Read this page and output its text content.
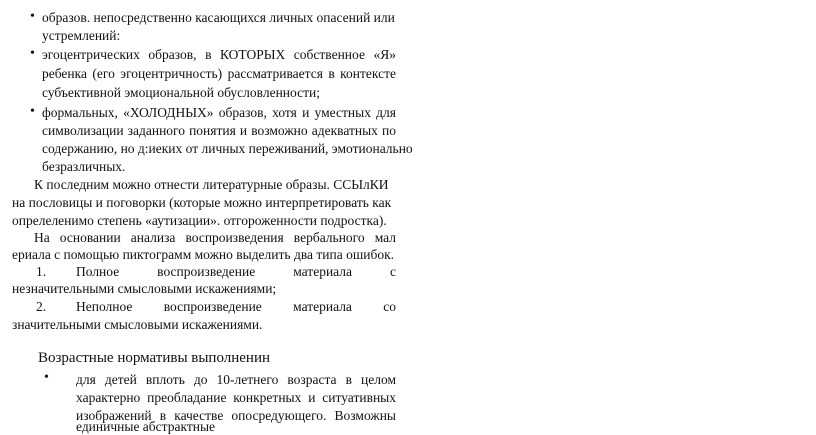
• образов. непосредственно касающихся личных опасений или
устремлений:
• эгоцентрических образов, в КОТОРЫХ собственное «Я»
ребенка (его эгоцентричность) рассматривается в контексте
субъективной эмоциональной обусловленности;
• формальных, «ХОЛОДНЫХ» образов, хотя и уместных для
символизации заданного понятия и возможно адекватных по
содержанию, но д:иеких от личных переживаний, эмотионально
безразличных.
К последним можно отнести литературные образы. ССЫлКИ
на пословицы и поговорки (которые можно интерпретировать как
опрелеленимо степень «аутизации». отгороженности подростка).
На основании анализа воспроизведения вербального мал
ериала с помощью пиктограмм можно выделить два типа ошибок.
1. Полное воспроизведение материала с
незначительными смысловыми искажениями;
2. Неполное воспроизведение материала со
значительными смысловыми искажениями.
Возрастные нормативы выполненин
• для детей вплоть до 10-летнего возраста в целом
характерно преобладание конкретных и ситуативных
изображений в качестве опосредующего. Возможны
единичные абстрактные
